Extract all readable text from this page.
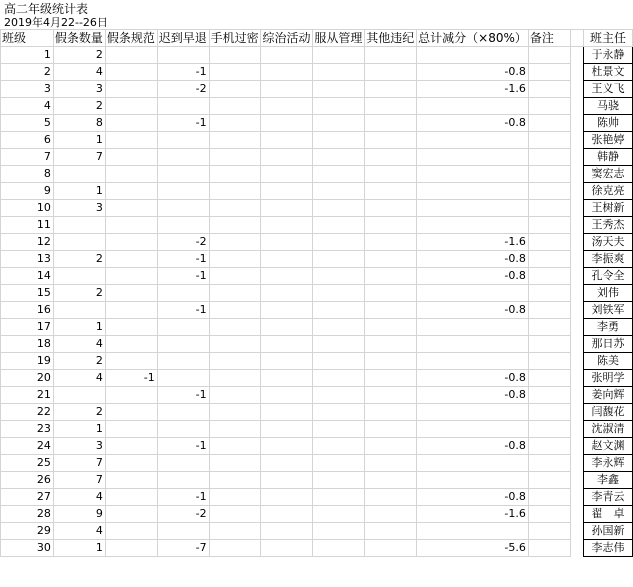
高二年级统计表
2019年4月22--26日
班级	假条数量	假条规范	迟到早退	手机过密	综治活动	服从管理	其他违纪	总计减分（×80%）	备注		班主任
1	2										于永静
2	4		-1					-0.8			杜景文
3	3		-2					-1.6			王义飞
4	2										马骁
5	8		-1					-0.8			陈帅
6	1										张艳婷
7	7										韩静
8											窦宏志
9	1										徐克亮
10	3										王树新
11											王秀杰
12			-2					-1.6			汤天夫
13	2		-1					-0.8			李振爽
14			-1					-0.8			孔令全
15	2										刘伟
16			-1					-0.8			刘铁军
17	1										李勇
18	4										那日苏
19	2										陈美
20	4	-1						-0.8			张明学
21			-1					-0.8			姜向辉
22	2										闫馥花
23	1										沈淑清
24	3		-1					-0.8			赵文渊
25	7										李永辉
26	7										李鑫
27	4		-1					-0.8			李青云
28	9		-2					-1.6			翟　卓
29	4										孙国新
30	1		-7					-5.6			李志伟
